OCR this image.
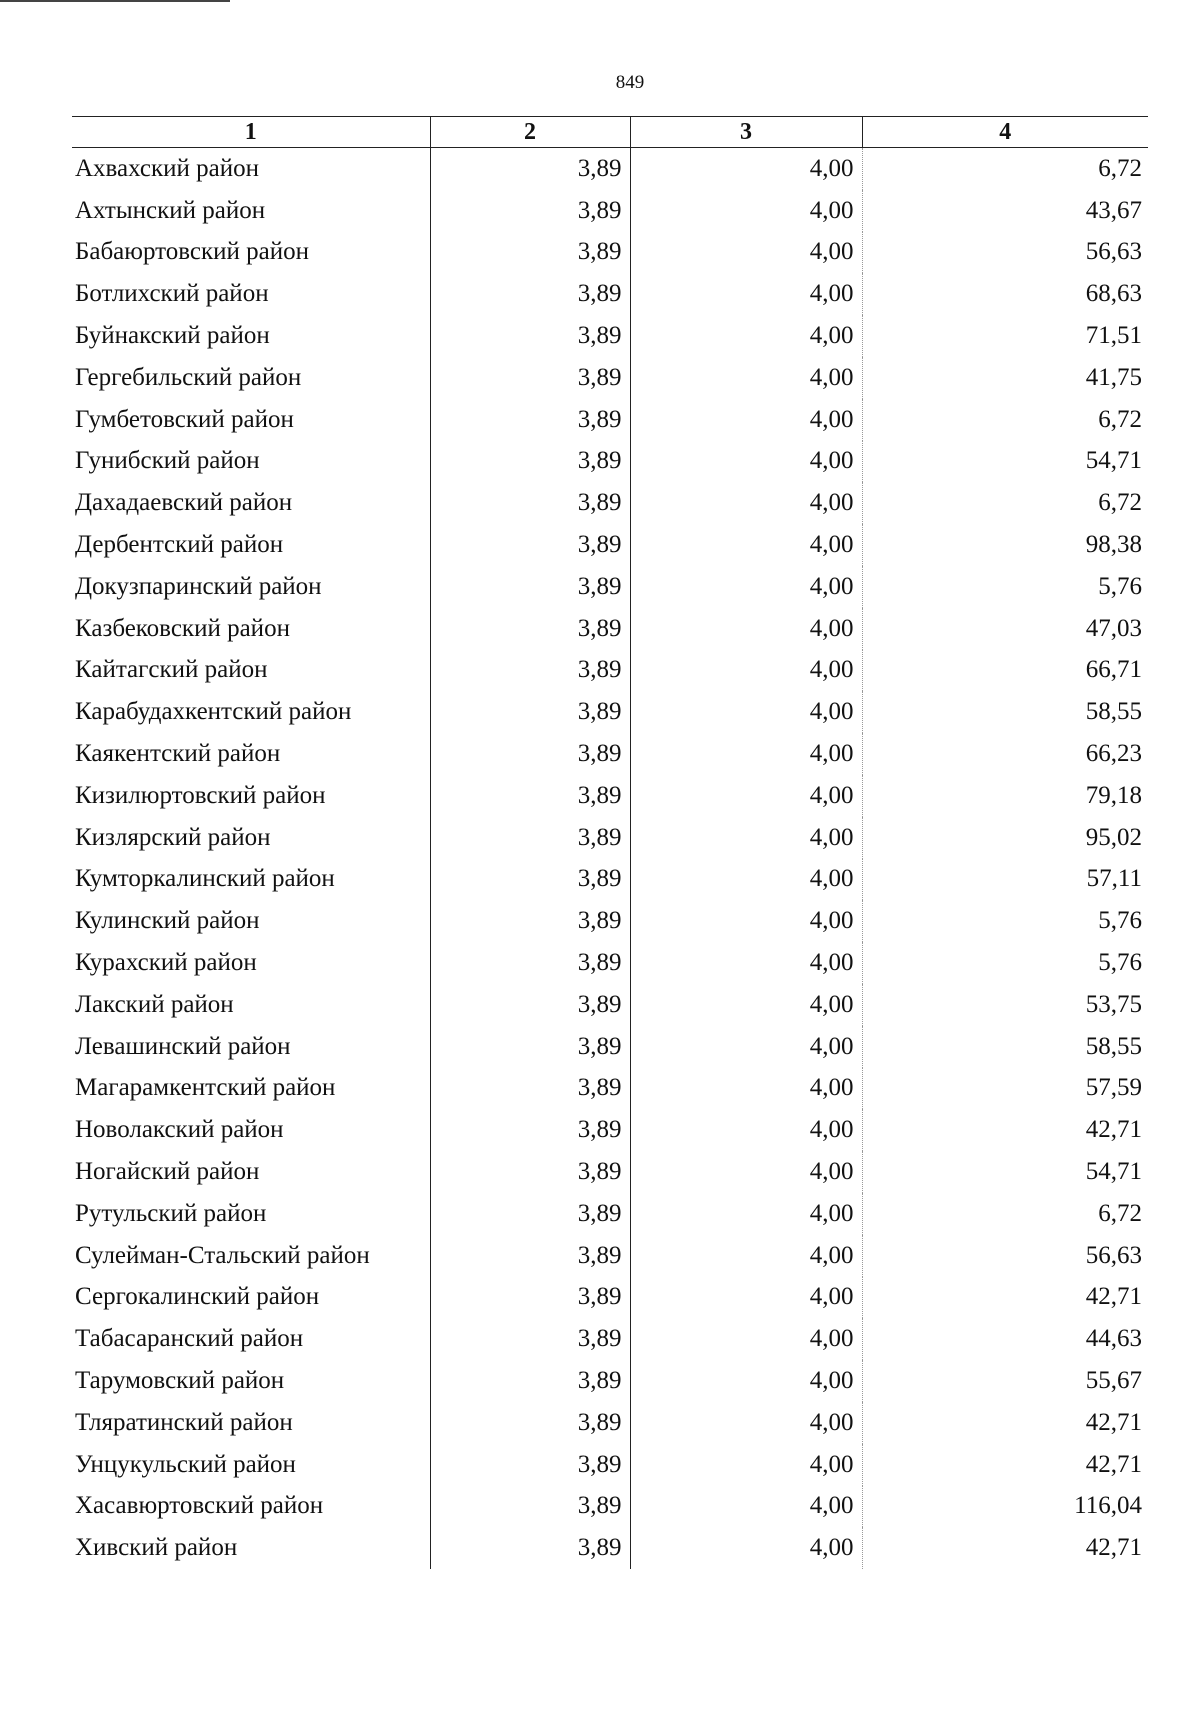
849
1	2	3	4
Ахвахский район	3,89	4,00	6,72
Ахтынский район	3,89	4,00	43,67
Бабаюртовский район	3,89	4,00	56,63
Ботлихский район	3,89	4,00	68,63
Буйнакский район	3,89	4,00	71,51
Гергебильский район	3,89	4,00	41,75
Гумбетовский район	3,89	4,00	6,72
Гунибский район	3,89	4,00	54,71
Дахадаевский район	3,89	4,00	6,72
Дербентский район	3,89	4,00	98,38
Докузпаринский район	3,89	4,00	5,76
Казбековский район	3,89	4,00	47,03
Кайтагский район	3,89	4,00	66,71
Карабудахкентский район	3,89	4,00	58,55
Каякентский район	3,89	4,00	66,23
Кизилюртовский район	3,89	4,00	79,18
Кизлярский район	3,89	4,00	95,02
Кумторкалинский район	3,89	4,00	57,11
Кулинский район	3,89	4,00	5,76
Курахский район	3,89	4,00	5,76
Лакский район	3,89	4,00	53,75
Левашинский район	3,89	4,00	58,55
Магарамкентский район	3,89	4,00	57,59
Новолакский район	3,89	4,00	42,71
Ногайский район	3,89	4,00	54,71
Рутульский район	3,89	4,00	6,72
Сулейман-Стальский район	3,89	4,00	56,63
Сергокалинский район	3,89	4,00	42,71
Табасаранский район	3,89	4,00	44,63
Тарумовский район	3,89	4,00	55,67
Тляратинский район	3,89	4,00	42,71
Унцукульский район	3,89	4,00	42,71
Хасавюртовский район	3,89	4,00	116,04
Хивский район	3,89	4,00	42,71
